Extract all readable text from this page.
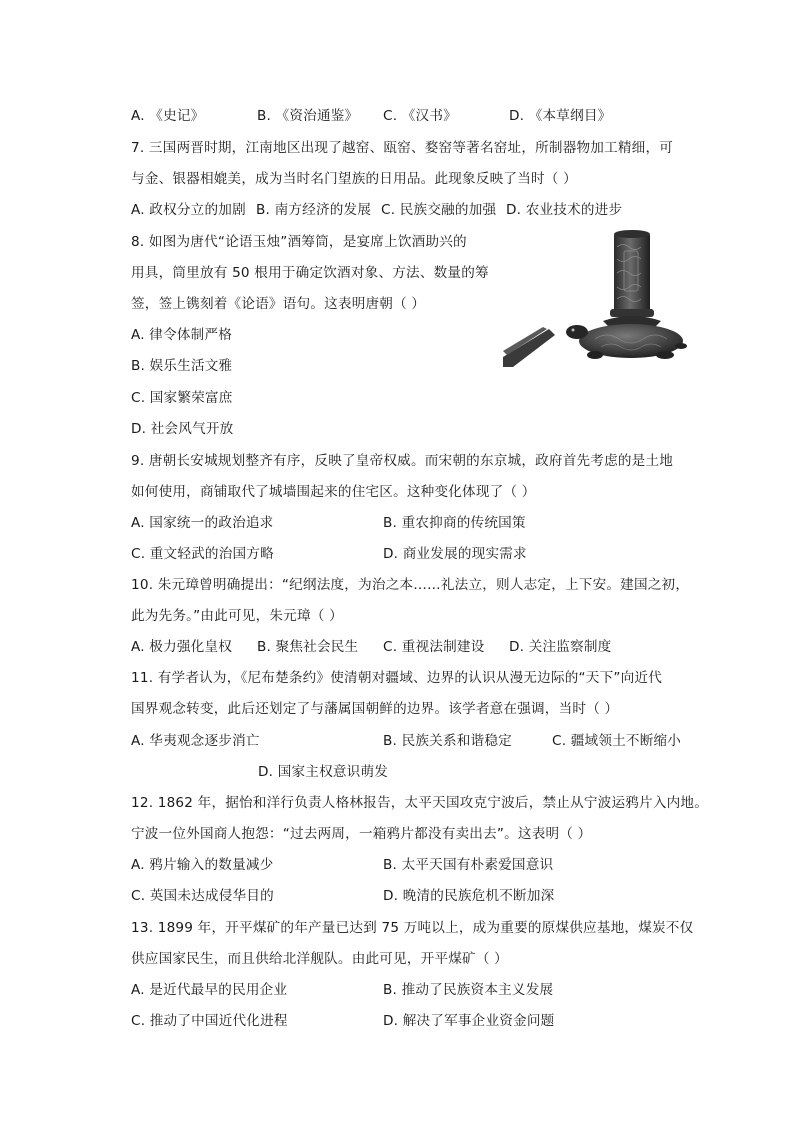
A. 《史记》	B. 《资治通鉴》 C. 《汉书》	D. 《本草纲目》
7. 三国两晋时期，江南地区出现了越窑、瓯窑、婺窑等著名窑址，所制器物加工精细，可
与金、银器相媲美，成为当时名门望族的日用品。此现象反映了当时（ ）
A. 政权分立的加剧 B. 南方经济的发展 C. 民族交融的加强 D. 农业技术的进步
8. 如图为唐代“论语玉烛”酒筹筒，是宴席上饮酒助兴的
用具，筒里放有 50 根用于确定饮酒对象、方法、数量的筹
签，签上镌刻着《论语》语句。这表明唐朝（ ）
A. 律令体制严格
B. 娱乐生活文雅
C. 国家繁荣富庶
D. 社会风气开放
9. 唐朝长安城规划整齐有序，反映了皇帝权威。而宋朝的东京城，政府首先考虑的是土地
如何使用，商铺取代了城墙围起来的住宅区。这种变化体现了（ ）
A. 国家统一的政治追求	B. 重农抑商的传统国策
C. 重文轻武的治国方略	D. 商业发展的现实需求
10. 朱元璋曾明确提出：“纪纲法度，为治之本……礼法立，则人志定，上下安。建国之初，
此为先务。”由此可见，朱元璋（ ）
A. 极力强化皇权 B. 聚焦社会民生 C. 重视法制建设 D. 关注监察制度
11. 有学者认为，《尼布楚条约》使清朝对疆域、边界的认识从漫无边际的“天下”向近代
国界观念转变，此后还划定了与藩属国朝鲜的边界。该学者意在强调，当时（ ）
A. 华夷观念逐步消亡	B. 民族关系和谐稳定	C. 疆域领土不断缩小
D. 国家主权意识萌发
12. 1862 年，据怡和洋行负责人格林报告，太平天国攻克宁波后，禁止从宁波运鸦片入内地。
宁波一位外国商人抱怨：“过去两周，一箱鸦片都没有卖出去”。这表明（ ）
A. 鸦片输入的数量减少	B. 太平天国有朴素爱国意识
C. 英国未达成侵华目的	D. 晚清的民族危机不断加深
13. 1899 年，开平煤矿的年产量已达到 75 万吨以上，成为重要的原煤供应基地，煤炭不仅
供应国家民生，而且供给北洋舰队。由此可见，开平煤矿（ ）
A. 是近代最早的民用企业	B. 推动了民族资本主义发展
C. 推动了中国近代化进程	D. 解决了军事企业资金问题
